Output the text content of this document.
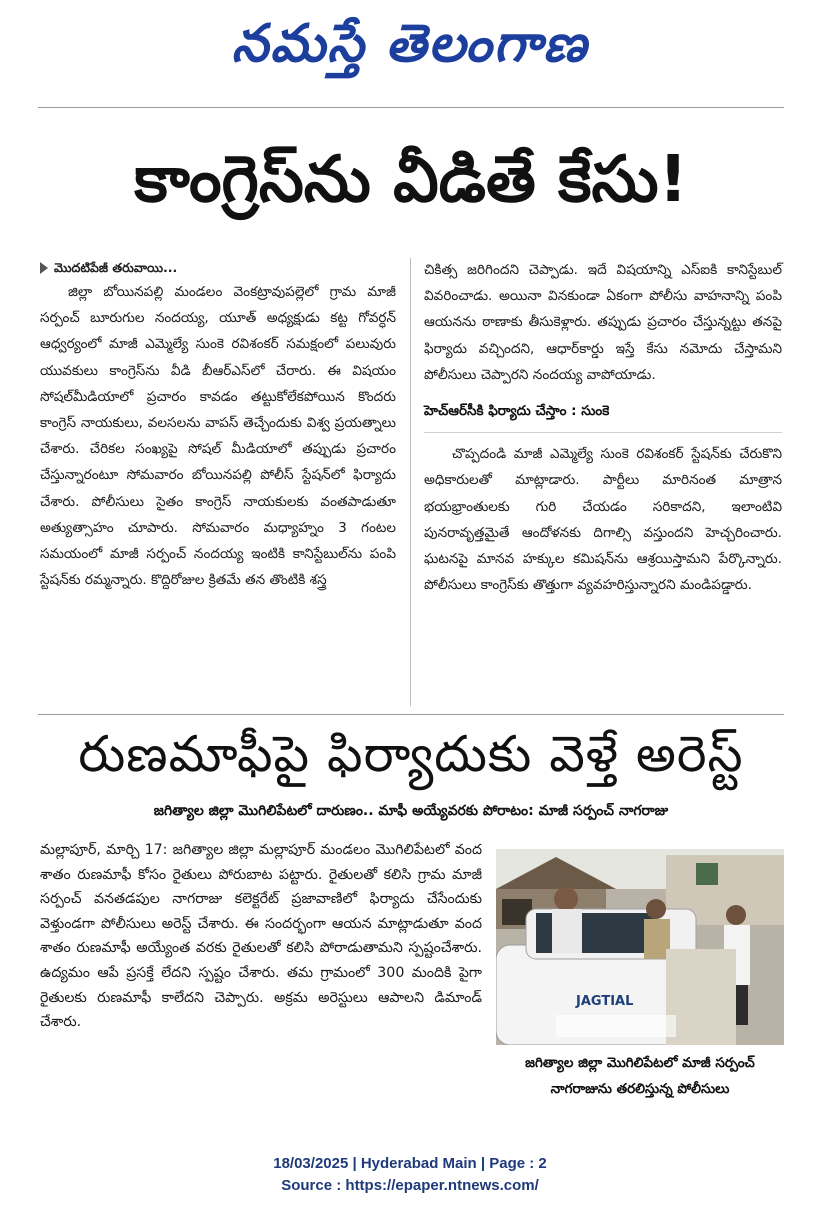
నమస్తే తెలంగాణ
కాంగ్రెస్‌ను వీడితే కేసు!
మొదటిపేజీ తరువాయి...

జిల్లా బోయినపల్లి మండలం వెంకట్రావుపల్లెలో గ్రామ మాజీ సర్పంచ్ బూరుగుల నందయ్య, యూత్ అధ్యక్షుడు కట్ట గోవర్ధన్ ఆధ్వర్యంలో మాజీ ఎమ్మెల్యే సుంకె రవిశంకర్ సమక్షంలో పలువురు యువకులు కాంగ్రెస్‌ను వీడి బీఆర్‌ఎస్‌లో చేరారు. ఈ విషయం సోషల్‌మీడియాలో ప్రచారం కావడం తట్టుకోలేకపోయిన కొందరు కాంగ్రెస్ నాయకులు, వలసలను వాపస్ తెచ్చేందుకు విశ్వ ప్రయత్నాలు చేశారు. చేరికల సంఖ్యపై సోషల్ మీడియాలో తప్పుడు ప్రచారం చేస్తున్నారంటూ సోమవారం బోయినపల్లి పోలీస్ స్టేషన్‌లో ఫిర్యాదు చేశారు. పోలీసులు సైతం కాంగ్రెస్ నాయకులకు వంతపాడుతూ అత్యుత్సాహం చూపారు. సోమవారం మధ్యాహ్నం 3 గంటల సమయంలో మాజీ సర్పంచ్ నందయ్య ఇంటికి కానిస్టేబుల్‌ను పంపి స్టేషన్‌కు రమ్మన్నారు. కొద్దిరోజుల క్రితమే తన తొంటికి శస్త్ర

చికిత్స జరిగిందని చెప్పాడు. ఇదే విషయాన్ని ఎస్ఐకి కానిస్టేబుల్ వివరించాడు. అయినా వినకుండా ఏకంగా పోలీసు వాహనాన్ని పంపి ఆయనను ఠాణాకు తీసుకెళ్లారు. తప్పుడు ప్రచారం చేస్తున్నట్టు తనపై ఫిర్యాదు వచ్చిందని, ఆధార్‌కార్డు ఇస్తే కేసు నమోదు చేస్తామని పోలీసులు చెప్పారని నందయ్య వాపోయాడు.

హెచ్‌ఆర్‌సీకి ఫిర్యాదు చేస్తాం : సుంకె

చొప్పదండి మాజీ ఎమ్మెల్యే సుంకె రవిశంకర్ స్టేషన్‌కు చేరుకొని అధికారులతో మాట్లాడారు. పార్టీలు మారినంత మాత్రాన భయభ్రాంతులకు గురి చేయడం సరికాదని, ఇలాంటివి పునరావృత్తమైతే ఆందోళనకు దిగాల్సి వస్తుందని హెచ్చరించారు. ఘటనపై మానవ హక్కుల కమిషన్‌ను ఆశ్రయిస్తామని పేర్కొన్నారు. పోలీసులు కాంగ్రెస్‌కు తొత్తుగా వ్యవహరిస్తున్నారని మండిపడ్డారు.

రుణమాఫీపై ఫిర్యాదుకు వెళ్తే అరెస్ట్
జగిత్యాల జిల్లా మొగిలిపేటలో దారుణం.. మాఫీ అయ్యేవరకు పోరాటం: మాజీ సర్పంచ్ నాగరాజు

మల్లాపూర్, మార్చి 17: జగిత్యాల జిల్లా మల్లాపూర్ మండలం మొగిలిపేటలో వంద శాతం రుణమాఫీ కోసం రైతులు పోరుబాట పట్టారు. రైతులతో కలిసి గ్రామ మాజీ సర్పంచ్ వనతడపుల నాగరాజు కలెక్టరేట్ ప్రజావాణిలో ఫిర్యాదు చేసేందుకు వెళ్తుండగా పోలీసులు అరెస్ట్ చేశారు. ఈ సందర్భంగా ఆయన మాట్లాడుతూ వంద శాతం రుణమాఫీ అయ్యేంత వరకు రైతులతో కలిసి పోరాడుతామని స్పష్టంచేశారు. ఉద్యమం ఆపే ప్రసక్తే లేదని స్పష్టం చేశారు. తమ గ్రామంలో 300 మందికి పైగా రైతులకు రుణమాఫీ కాలేదని చెప్పారు. అక్రమ అరెస్టులు ఆపాలని డిమాండ్ చేశారు.

JAGTIAL
జగిత్యాల జిల్లా మొగిలిపేటలో మాజీ సర్పంచ్ నాగరాజును తరలిస్తున్న పోలీసులు
18/03/2025 | Hyderabad Main | Page : 2
Source : https://epaper.ntnews.com/
